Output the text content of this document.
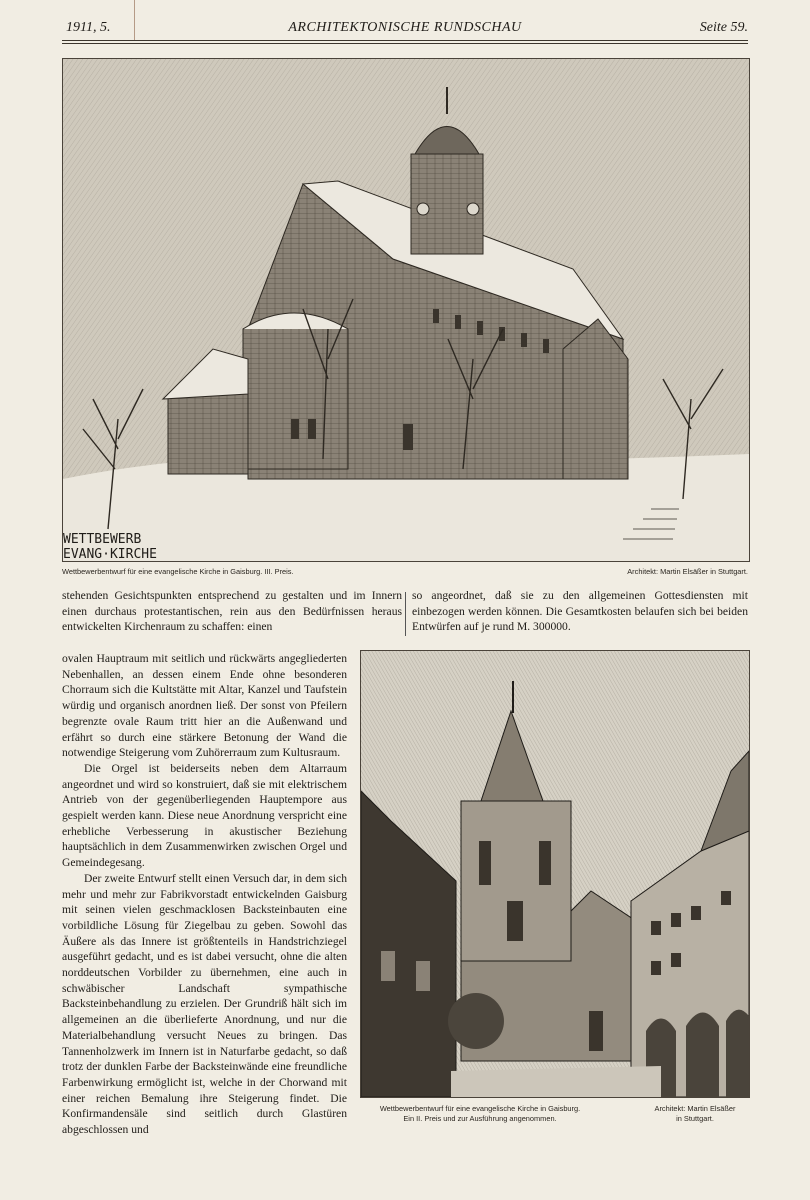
1911, 5.	ARCHITEKTONISCHE RUNDSCHAU	Seite 59.
WETTBEWERB
EVANG·KIRCHE
Wettbewerbentwurf für eine evangelische Kirche in Gaisburg. III. Preis.	Architekt: Martin Elsäßer in Stuttgart.

stehenden Gesichtspunkten entsprechend zu gestalten und im Innern einen durchaus protestantischen, rein aus den Bedürfnissen heraus entwickelten Kirchenraum zu schaffen: einen

so angeordnet, daß sie zu den allgemeinen Gottesdiensten mit einbezogen werden können. Die Gesamtkosten belaufen sich bei beiden Entwürfen auf je rund M. 300000.

ovalen Hauptraum mit seitlich und rückwärts angegliederten Nebenhallen, an dessen einem Ende ohne besonderen Chorraum sich die Kultstätte mit Altar, Kanzel und Taufstein würdig und organisch anordnen ließ. Der sonst von Pfeilern begrenzte ovale Raum tritt hier an die Außenwand und erfährt so durch eine stärkere Betonung der Wand die notwendige Steigerung vom Zuhörerraum zum Kultusraum.

Die Orgel ist beiderseits neben dem Altarraum angeordnet und wird so konstruiert, daß sie mit elektrischem Antrieb von der gegenüberliegenden Hauptempore aus gespielt werden kann. Diese neue Anordnung verspricht eine erhebliche Verbesserung in akustischer Beziehung hauptsächlich in dem Zusammenwirken zwischen Orgel und Gemeindegesang.

Der zweite Entwurf stellt einen Versuch dar, in dem sich mehr und mehr zur Fabrikvorstadt entwickelnden Gaisburg mit seinen vielen geschmacklosen Backsteinbauten eine vorbildliche Lösung für Ziegelbau zu geben. Sowohl das Äußere als das Innere ist größtenteils in Handstrichziegel ausgeführt gedacht, und es ist dabei versucht, ohne die alten norddeutschen Vorbilder zu übernehmen, eine auch in schwäbischer Landschaft sympathische Backsteinbehandlung zu erzielen. Der Grundriß hält sich im allgemeinen an die überlieferte Anordnung, und nur die Materialbehandlung versucht Neues zu bringen. Das Tannenholzwerk im Innern ist in Naturfarbe gedacht, so daß trotz der dunklen Farbe der Backsteinwände eine freundliche Farbenwirkung ermöglicht ist, welche in der Chorwand mit einer reichen Bemalung ihre Steigerung findet. Die Konfirmandensäle sind seitlich durch Glastüren abgeschlossen und

Wettbewerbentwurf für eine evangelische Kirche in Gaisburg.
Ein II. Preis und zur Ausführung angenommen.
Architekt: Martin Elsäßer
in Stuttgart.
